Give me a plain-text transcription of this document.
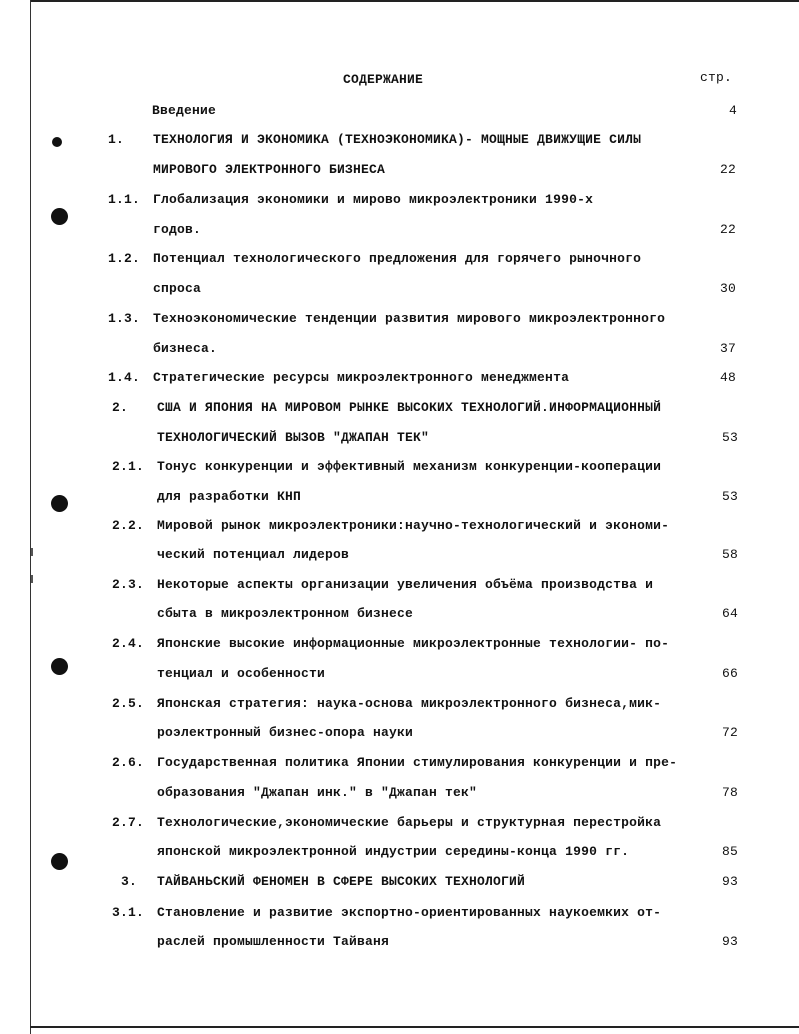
СОДЕРЖАНИЕ	стр.
Введение	4
1. ТЕХНОЛОГИЯ И ЭКОНОМИКА (ТЕХНОЭКОНОМИКА)- МОЩНЫЕ ДВИЖУЩИЕ СИЛЫ
МИРОВОГО ЭЛЕКТРОННОГО БИЗНЕСА	22
1.1. Глобализация экономики и мирово микроэлектроники 1990-х
годов.	22
1.2. Потенциал технологического предложения для горячего рыночного
спроса	30
1.3. Техноэкономические тенденции развития мирового микроэлектронного
бизнеса.	37
1.4. Стратегические ресурсы микроэлектронного менеджмента	48
2. США И ЯПОНИЯ НА МИРОВОМ РЫНКЕ ВЫСОКИХ ТЕХНОЛОГИЙ.ИНФОРМАЦИОННЫЙ
ТЕХНОЛОГИЧЕСКИЙ ВЫЗОВ "ДЖАПАН ТЕК"	53
2.1. Тонус конкуренции и эффективный механизм конкуренции-кооперации
для разработки КНП	53
2.2. Мировой рынок микроэлектроники:научно-технологический и экономи-
ческий потенциал лидеров	58
2.3. Некоторые аспекты организации увеличения объёма производства и
сбыта в микроэлектронном бизнесе	64
2.4. Японские высокие информационные микроэлектронные технологии- по-
тенциал и особенности	66
2.5. Японская стратегия: наука-основа микроэлектронного бизнеса,мик-
роэлектронный бизнес-опора науки	72
2.6. Государственная политика Японии стимулирования конкуренции и пре-
образования "Джапан инк." в "Джапан тек"	78
2.7. Технологические,экономические барьеры и структурная перестройка
японской микроэлектронной индустрии середины-конца 1990 гг.	85
3. ТАЙВАНЬСКИЙ ФЕНОМЕН В СФЕРЕ ВЫСОКИХ ТЕХНОЛОГИЙ	93
3.1. Становление и развитие экспортно-ориентированных наукоемких от-
раслей промышленности Тайваня	93
